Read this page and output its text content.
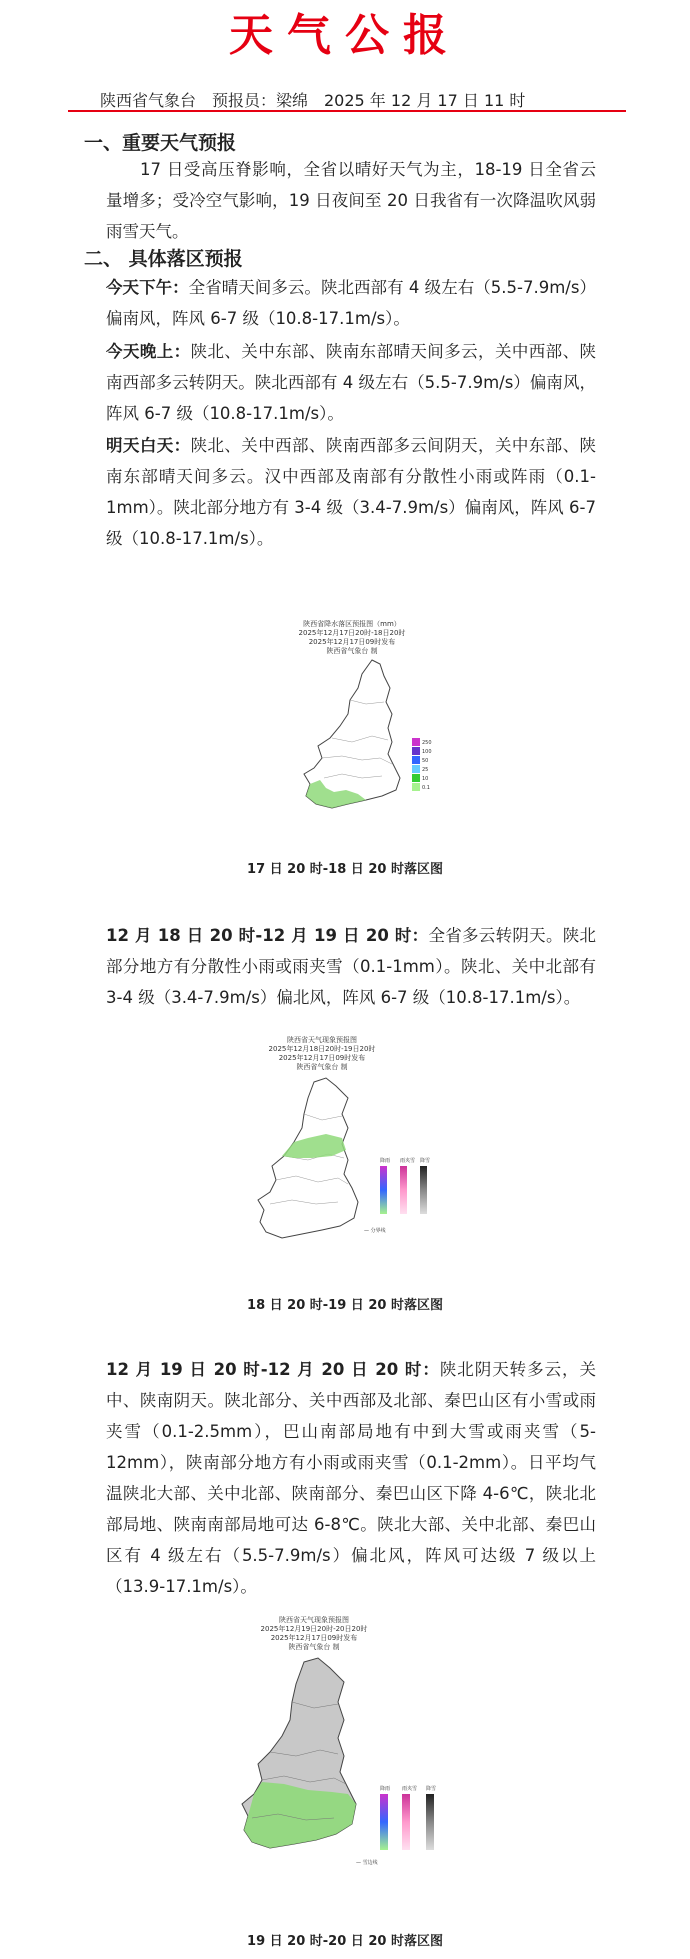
天气公报
陕西省气象台　预报员：梁绵　2025 年 12 月 17 日 11 时
一、重要天气预报
17 日受高压脊影响，全省以晴好天气为主，18-19 日全省云量增多；受冷空气影响，19 日夜间至 20 日我省有一次降温吹风弱雨雪天气。
二、 具体落区预报
今天下午：全省晴天间多云。陕北西部有 4 级左右（5.5-7.9m/s）偏南风，阵风 6-7 级（10.8-17.1m/s）。
今天晚上：陕北、关中东部、陕南东部晴天间多云，关中西部、陕南西部多云转阴天。陕北西部有 4 级左右（5.5-7.9m/s）偏南风，阵风 6-7 级（10.8-17.1m/s）。
明天白天：陕北、关中西部、陕南西部多云间阴天，关中东部、陕南东部晴天间多云。汉中西部及南部有分散性小雨或阵雨（0.1-1mm）。陕北部分地方有 3-4 级（3.4-7.9m/s）偏南风，阵风 6-7 级（10.8-17.1m/s）。
陕西省降水落区预报图（mm）
2025年12月17日20时-18日20时
2025年12月17日09时发布
陕西省气象台 制
250
100
50
25
10
0.1
17 日 20 时-18 日 20 时落区图
12 月 18 日 20 时-12 月 19 日 20 时：全省多云转阴天。陕北部分地方有分散性小雨或雨夹雪（0.1-1mm）。陕北、关中北部有 3-4 级（3.4-7.9m/s）偏北风，阵风 6-7 级（10.8-17.1m/s）。
陕西省天气现象预报图
2025年12月18日20时-19日20时
2025年12月17日09时发布
陕西省气象台 制
降雨 雨夹雪 降雪
— 分界线
18 日 20 时-19 日 20 时落区图
12 月 19 日 20 时-12 月 20 日 20 时：陕北阴天转多云，关中、陕南阴天。陕北部分、关中西部及北部、秦巴山区有小雪或雨夹雪（0.1-2.5mm），巴山南部局地有中到大雪或雨夹雪（5-12mm），陕南部分地方有小雨或雨夹雪（0.1-2mm）。日平均气温陕北大部、关中北部、陕南部分、秦巴山区下降 4-6℃，陕北北部局地、陕南南部局地可达 6-8℃。陕北大部、关中北部、秦巴山区有 4 级左右（5.5-7.9m/s）偏北风，阵风可达级 7 级以上（13.9-17.1m/s）。
陕西省天气现象预报图
2025年12月19日20时-20日20时
2025年12月17日09时发布
陕西省气象台 制
降雨 雨夹雪 降雪
— 雪边线
19 日 20 时-20 日 20 时落区图
